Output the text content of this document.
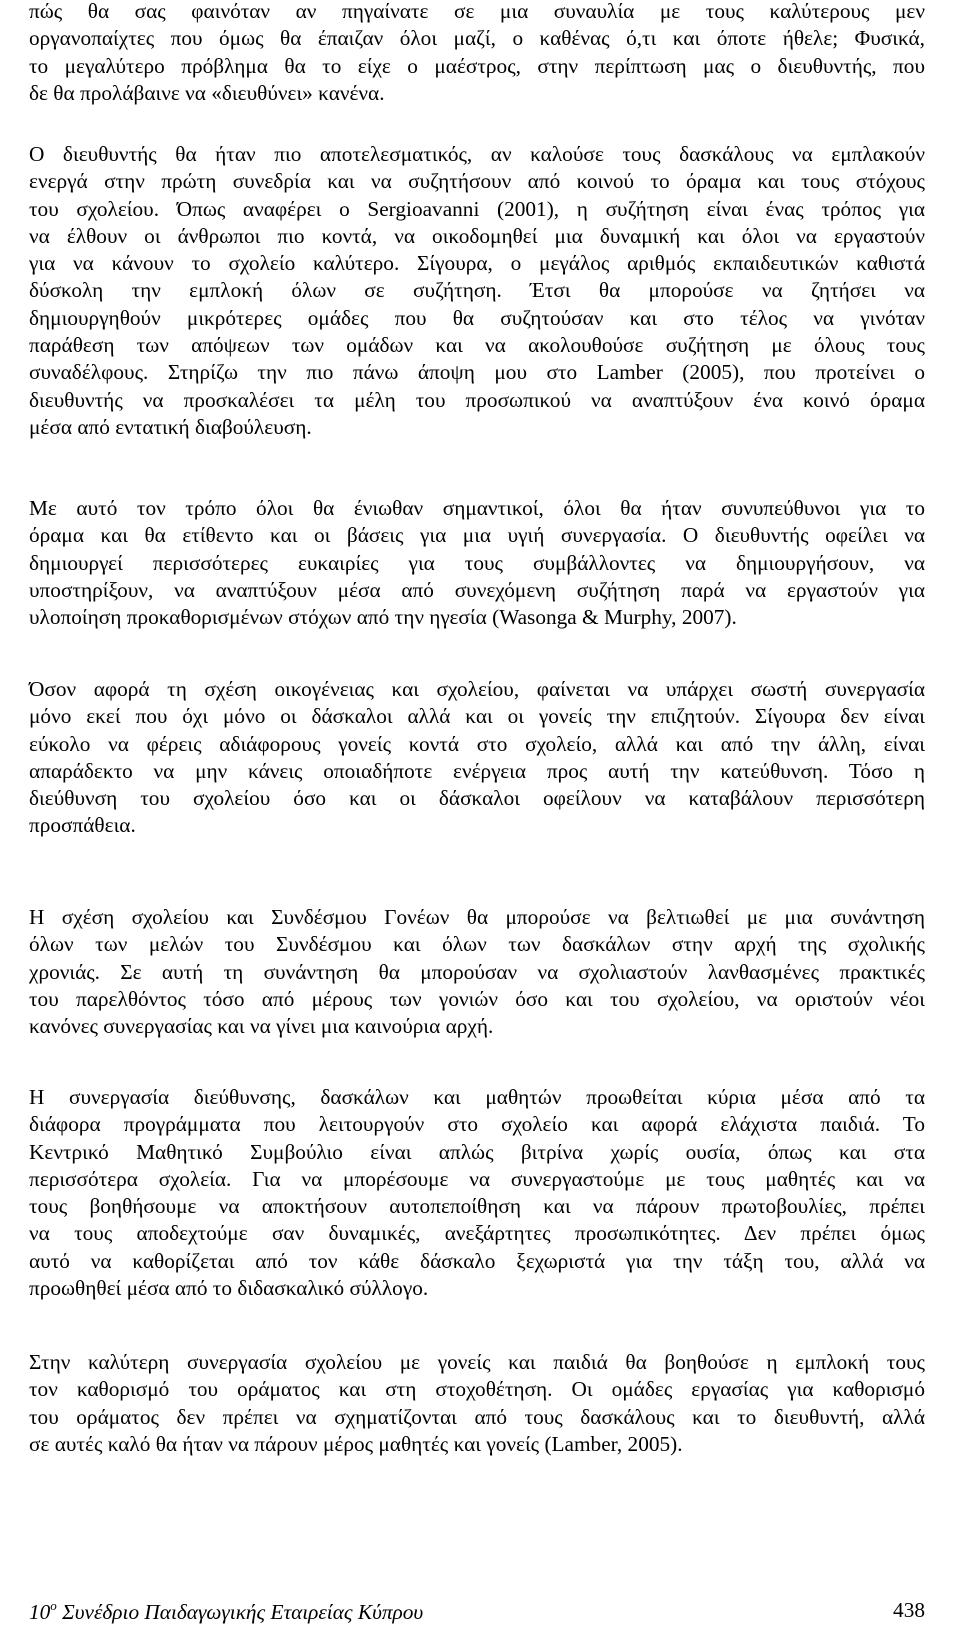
πώς θα σας φαινόταν αν πηγαίνατε σε μια συναυλία με τους καλύτερους μεν
οργανοπαίχτες που όμως θα έπαιζαν όλοι μαζί, ο καθένας ό,τι και όποτε ήθελε; Φυσικά,
το μεγαλύτερο πρόβλημα θα το είχε ο μαέστρος, στην περίπτωση μας ο διευθυντής, που
δε θα προλάβαινε να «διευθύνει» κανένα.

Ο διευθυντής θα ήταν πιο αποτελεσματικός, αν καλούσε τους δασκάλους να εμπλακούν
ενεργά στην πρώτη συνεδρία και να συζητήσουν από κοινού το όραμα και τους στόχους
του σχολείου. Όπως αναφέρει ο Sergioavanni (2001), η συζήτηση είναι ένας τρόπος για
να έλθουν οι άνθρωποι πιο κοντά, να οικοδομηθεί μια δυναμική και όλοι να εργαστούν
για να κάνουν το σχολείο καλύτερο. Σίγουρα, ο μεγάλος αριθμός εκπαιδευτικών καθιστά
δύσκολη την εμπλοκή όλων σε συζήτηση. Έτσι θα μπορούσε να ζητήσει να
δημιουργηθούν μικρότερες ομάδες που θα συζητούσαν και στο τέλος να γινόταν
παράθεση των απόψεων των ομάδων και να ακολουθούσε συζήτηση με όλους τους
συναδέλφους. Στηρίζω την πιο πάνω άποψη μου στο Lamber (2005), που προτείνει ο
διευθυντής να προσκαλέσει τα μέλη του προσωπικού να αναπτύξουν ένα κοινό όραμα
μέσα από εντατική διαβούλευση.

Με αυτό τον τρόπο όλοι θα ένιωθαν σημαντικοί, όλοι θα ήταν συνυπεύθυνοι για το
όραμα και θα ετίθεντο και οι βάσεις για μια υγιή συνεργασία. Ο διευθυντής οφείλει να
δημιουργεί περισσότερες ευκαιρίες για τους συμβάλλοντες να δημιουργήσουν, να
υποστηρίξουν, να αναπτύξουν μέσα από συνεχόμενη συζήτηση παρά να εργαστούν για
υλοποίηση προκαθορισμένων στόχων από την ηγεσία (Wasonga & Murphy, 2007).

Όσον αφορά τη σχέση οικογένειας και σχολείου, φαίνεται να υπάρχει σωστή συνεργασία
μόνο εκεί που όχι μόνο οι δάσκαλοι αλλά και οι γονείς την επιζητούν. Σίγουρα δεν είναι
εύκολο να φέρεις αδιάφορους γονείς κοντά στο σχολείο, αλλά και από την άλλη, είναι
απαράδεκτο να μην κάνεις οποιαδήποτε ενέργεια προς αυτή την κατεύθυνση. Τόσο η
διεύθυνση του σχολείου όσο και οι δάσκαλοι οφείλουν να καταβάλουν περισσότερη
προσπάθεια.

Η σχέση σχολείου και Συνδέσμου Γονέων θα μπορούσε να βελτιωθεί με μια συνάντηση
όλων των μελών του Συνδέσμου και όλων των δασκάλων στην αρχή της σχολικής
χρονιάς. Σε αυτή τη συνάντηση θα μπορούσαν να σχολιαστούν λανθασμένες πρακτικές
του παρελθόντος τόσο από μέρους των γονιών όσο και του σχολείου, να οριστούν νέοι
κανόνες συνεργασίας και να γίνει μια καινούρια αρχή.

Η συνεργασία διεύθυνσης, δασκάλων και μαθητών προωθείται κύρια μέσα από τα
διάφορα προγράμματα που λειτουργούν στο σχολείο και αφορά ελάχιστα παιδιά. Το
Κεντρικό Μαθητικό Συμβούλιο είναι απλώς βιτρίνα χωρίς ουσία, όπως και στα
περισσότερα σχολεία. Για να μπορέσουμε να συνεργαστούμε με τους μαθητές και να
τους βοηθήσουμε να αποκτήσουν αυτοπεποίθηση και να πάρουν πρωτοβουλίες, πρέπει
να τους αποδεχτούμε σαν δυναμικές, ανεξάρτητες προσωπικότητες. Δεν πρέπει όμως
αυτό να καθορίζεται από τον κάθε δάσκαλο ξεχωριστά για την τάξη του, αλλά να
προωθηθεί μέσα από το διδασκαλικό σύλλογο.

Στην καλύτερη συνεργασία σχολείου με γονείς και παιδιά θα βοηθούσε η εμπλοκή τους
τον καθορισμό του οράματος και στη στοχοθέτηση. Οι ομάδες εργασίας για καθορισμό
του οράματος δεν πρέπει να σχηματίζονται από τους δασκάλους και το διευθυντή, αλλά
σε αυτές καλό θα ήταν να πάρουν μέρος μαθητές και γονείς (Lamber, 2005).

$10^o$ Συνέδριο Παιδαγωγικής Εταιρείας Κύπρου	438
